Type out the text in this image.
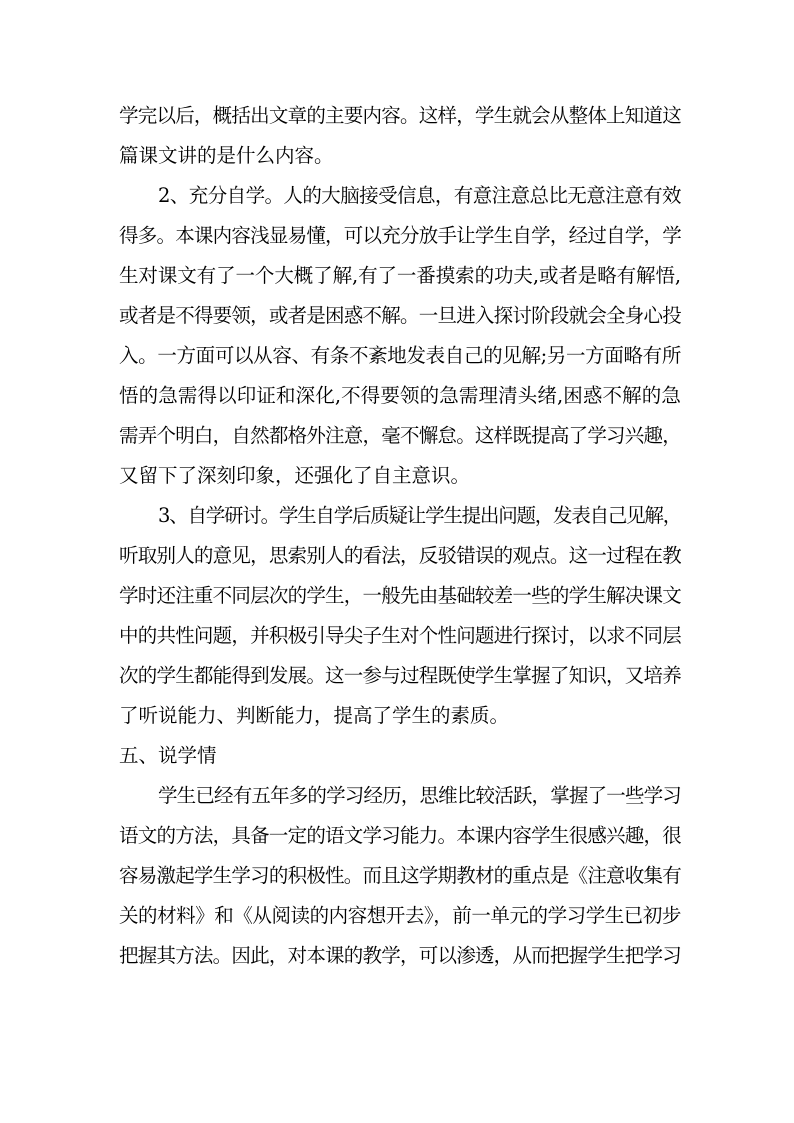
学完以后，概括出文章的主要内容。这样，学生就会从整体上知道这
篇课文讲的是什么内容。
2、充分自学。人的大脑接受信息，有意注意总比无意注意有效
得多。本课内容浅显易懂，可以充分放手让学生自学，经过自学，学
生对课文有了一个大概了解,有了一番摸索的功夫,或者是略有解悟,
或者是不得要领，或者是困惑不解。一旦进入探讨阶段就会全身心投
入。一方面可以从容、有条不紊地发表自己的见解;另一方面略有所
悟的急需得以印证和深化,不得要领的急需理清头绪,困惑不解的急
需弄个明白，自然都格外注意，毫不懈怠。这样既提高了学习兴趣，
又留下了深刻印象，还强化了自主意识。
3、自学研讨。学生自学后质疑让学生提出问题，发表自己见解，
听取别人的意见，思索别人的看法，反驳错误的观点。这一过程在教
学时还注重不同层次的学生，一般先由基础较差一些的学生解决课文
中的共性问题，并积极引导尖子生对个性问题进行探讨，以求不同层
次的学生都能得到发展。这一参与过程既使学生掌握了知识，又培养
了听说能力、判断能力，提高了学生的素质。
五、说学情
学生已经有五年多的学习经历，思维比较活跃，掌握了一些学习
语文的方法，具备一定的语文学习能力。本课内容学生很感兴趣，很
容易激起学生学习的积极性。而且这学期教材的重点是《注意收集有
关的材料》和《从阅读的内容想开去》，前一单元的学习学生已初步
把握其方法。因此，对本课的教学，可以渗透，从而把握学生把学习
